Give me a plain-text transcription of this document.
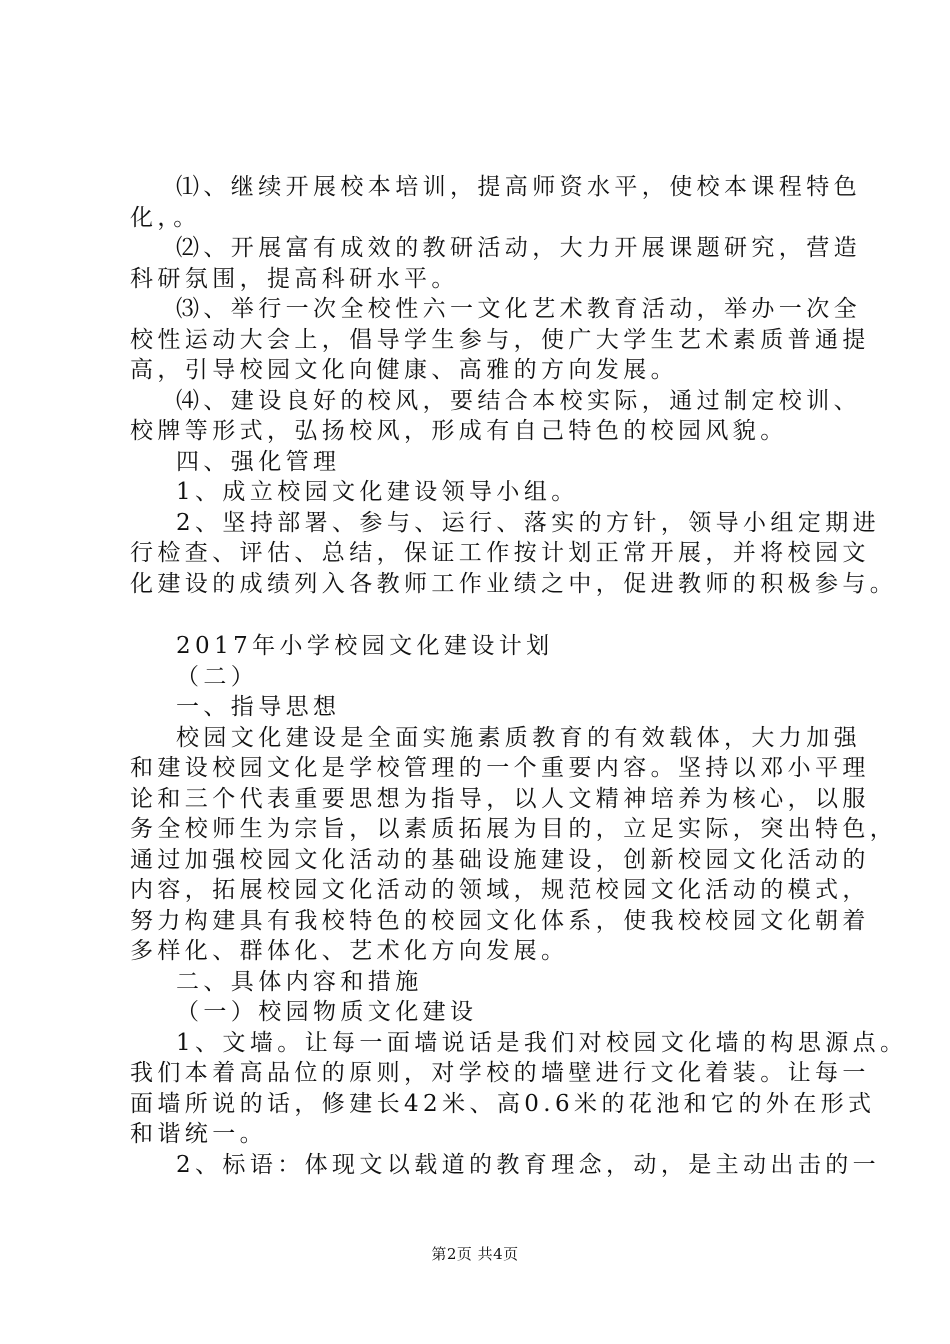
⑴、继续开展校本培训，提高师资水平，使校本课程特色
化，。
⑵、开展富有成效的教研活动，大力开展课题研究，营造
科研氛围，提高科研水平。
⑶、举行一次全校性六一文化艺术教育活动，举办一次全
校性运动大会上，倡导学生参与，使广大学生艺术素质普通提
高，引导校园文化向健康、高雅的方向发展。
⑷、建设良好的校风，要结合本校实际，通过制定校训、
校牌等形式，弘扬校风，形成有自己特色的校园风貌。
四、强化管理
1、成立校园文化建设领导小组。
2、坚持部署、参与、运行、落实的方针，领导小组定期进
行检查、评估、总结，保证工作按计划正常开展，并将校园文
化建设的成绩列入各教师工作业绩之中，促进教师的积极参与。
2017年小学校园文化建设计划
（二）
一、指导思想
校园文化建设是全面实施素质教育的有效载体，大力加强
和建设校园文化是学校管理的一个重要内容。坚持以邓小平理
论和三个代表重要思想为指导，以人文精神培养为核心，以服
务全校师生为宗旨，以素质拓展为目的，立足实际，突出特色，
通过加强校园文化活动的基础设施建设，创新校园文化活动的
内容，拓展校园文化活动的领域，规范校园文化活动的模式，
努力构建具有我校特色的校园文化体系，使我校校园文化朝着
多样化、群体化、艺术化方向发展。
二、具体内容和措施
（一）校园物质文化建设
1、文墙。让每一面墙说话是我们对校园文化墙的构思源点。
我们本着高品位的原则，对学校的墙壁进行文化着装。让每一
面墙所说的话，修建长42米、高0.6米的花池和它的外在形式
和谐统一。
2、标语：体现文以载道的教育理念，动，是主动出击的一
第2页 共4页
